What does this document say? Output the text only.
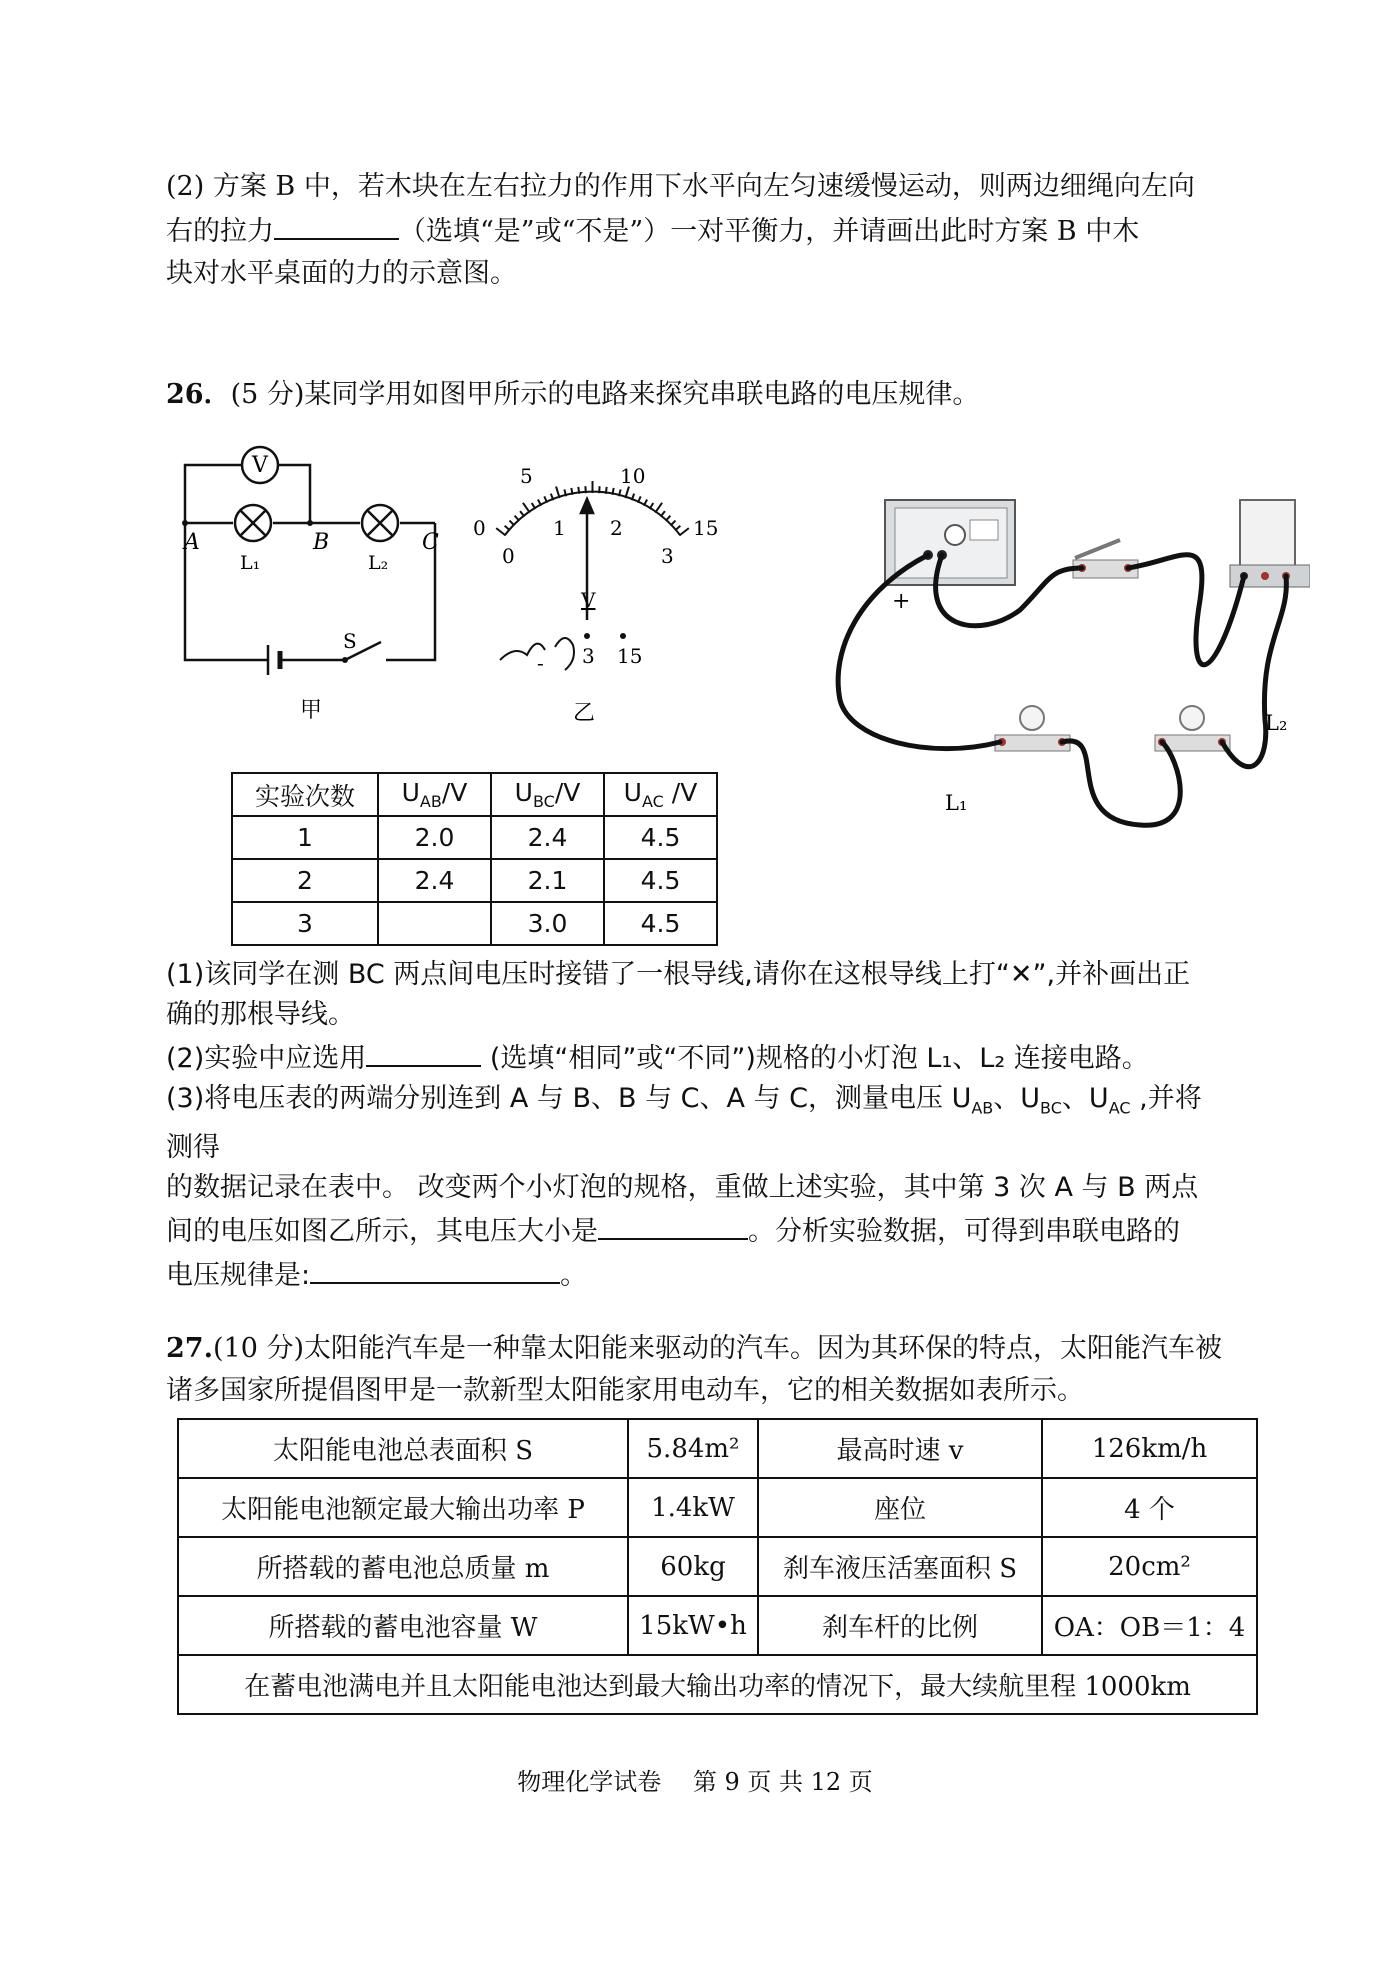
(2) 方案 B 中，若木块在左右拉力的作用下水平向左匀速缓慢运动，则两边细绳向左向
右的拉力	（选填“是”或“不是”）一对平衡力，并请画出此时方案 B 中木
块对水平桌面的力的示意图。
26．(5 分)某同学用如图甲所示的电路来探究串联电路的电压规律。
V
A	B	C
L₁	L₂
S
甲
5	10
15
0
0
1 2
3
V
- 3 15
乙
+
L₁
L₂
实验次数	$U_{AB}/V$	$U_{BC}/V$	$U_{AC}$ /V
1	2.0	2.4	4.5
2	2.4	2.1	4.5
3		3.0	4.5
(1)该同学在测 BC 两点间电压时接错了一根导线,请你在这根导线上打“✕”,并补画出正
确的那根导线。
(2)实验中应选用	(选填“相同”或“不同”)规格的小灯泡 L₁、L₂ 连接电路。
(3)将电压表的两端分别连到 A 与 B、B 与 C、A 与 C，测量电压 $U_{AB}$、$U_{BC}$、$U_{AC}$ ,并将测得
的数据记录在表中。 改变两个小灯泡的规格，重做上述实验，其中第 3 次 A 与 B 两点
间的电压如图乙所示，其电压大小是	。分析实验数据，可得到串联电路的
电压规律是:	。
27.(10 分)太阳能汽车是一种靠太阳能来驱动的汽车。因为其环保的特点，太阳能汽车被
诸多国家所提倡图甲是一款新型太阳能家用电动车，它的相关数据如表所示。
太阳能电池总表面积 S	5.84m²	最高时速 v	126km/h
太阳能电池额定最大输出功率 P	1.4kW	座位	4 个
所搭载的蓄电池总质量 m	60kg	刹车液压活塞面积 S	20cm²
所搭载的蓄电池容量 W	15kW•h	刹车杆的比例	OA：OB＝1：4
在蓄电池满电并且太阳能电池达到最大输出功率的情况下，最大续航里程 1000km			
物理化学试卷　 第 9 页 共 12 页
